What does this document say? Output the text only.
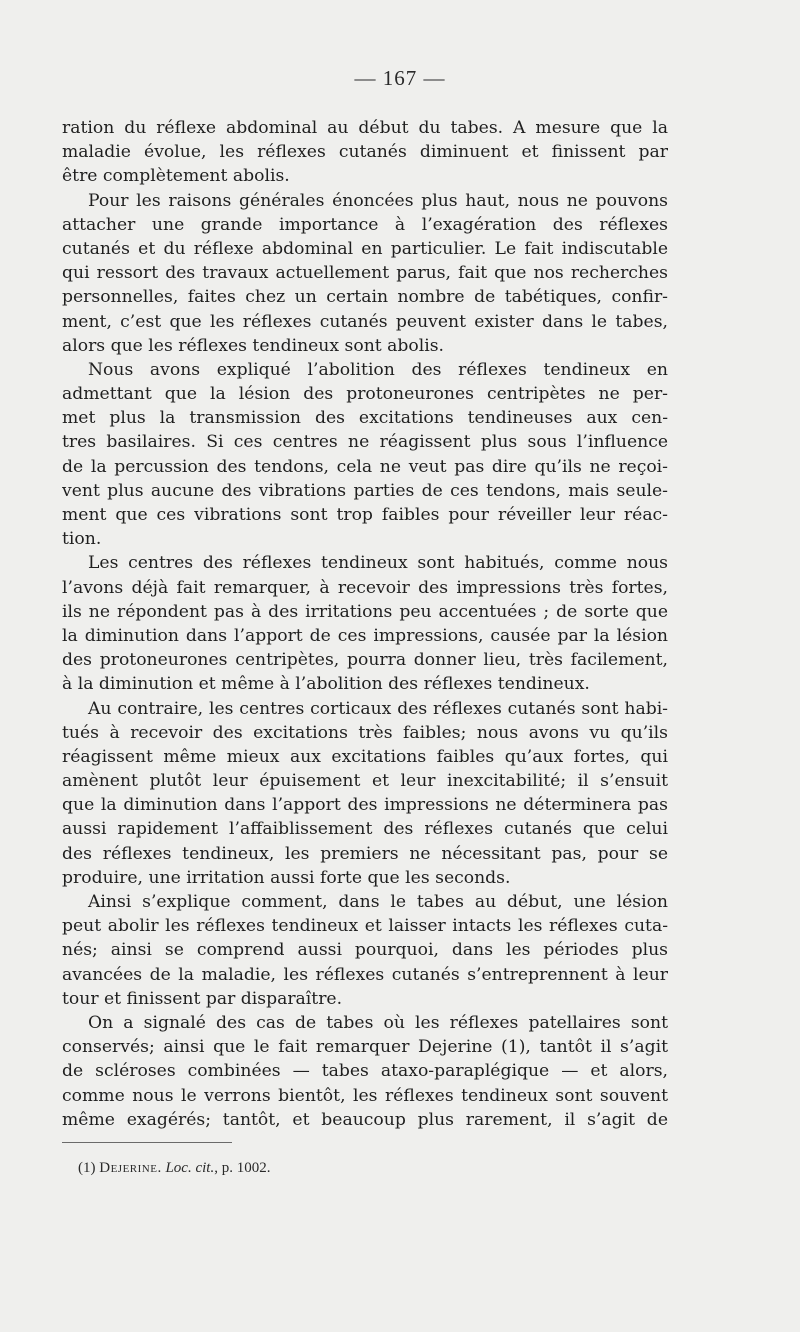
— 167 —
ration du réflexe abdominal au début du tabes. A mesure que la
maladie évolue, les réflexes cutanés diminuent et finissent par
être complètement abolis.
Pour les raisons générales énoncées plus haut, nous ne pouvons
attacher une grande importance à l’exagération des réflexes
cutanés et du réflexe abdominal en particulier. Le fait indiscutable
qui ressort des travaux actuellement parus, fait que nos recherches
personnelles, faites chez un certain nombre de tabétiques, confir-
ment, c’est que les réflexes cutanés peuvent exister dans le tabes,
alors que les réflexes tendineux sont abolis.
Nous avons expliqué l’abolition des réflexes tendineux en
admettant que la lésion des protoneurones centripètes ne per-
met plus la transmission des excitations tendineuses aux cen-
tres basilaires. Si ces centres ne réagissent plus sous l’influence
de la percussion des tendons, cela ne veut pas dire qu’ils ne reçoi-
vent plus aucune des vibrations parties de ces tendons, mais seule-
ment que ces vibrations sont trop faibles pour réveiller leur réac-
tion.
Les centres des réflexes tendineux sont habitués, comme nous
l’avons déjà fait remarquer, à recevoir des impressions très fortes,
ils ne répondent pas à des irritations peu accentuées ; de sorte que
la diminution dans l’apport de ces impressions, causée par la lésion
des protoneurones centripètes, pourra donner lieu, très facilement,
à la diminution et même à l’abolition des réflexes tendineux.
Au contraire, les centres corticaux des réflexes cutanés sont habi-
tués à recevoir des excitations très faibles; nous avons vu qu’ils
réagissent même mieux aux excitations faibles qu’aux fortes, qui
amènent plutôt leur épuisement et leur inexcitabilité; il s’ensuit
que la diminution dans l’apport des impressions ne déterminera pas
aussi rapidement l’affaiblissement des réflexes cutanés que celui
des réflexes tendineux, les premiers ne nécessitant pas, pour se
produire, une irritation aussi forte que les seconds.
Ainsi s’explique comment, dans le tabes au début, une lésion
peut abolir les réflexes tendineux et laisser intacts les réflexes cuta-
nés; ainsi se comprend aussi pourquoi, dans les périodes plus
avancées de la maladie, les réflexes cutanés s’entreprennent à leur
tour et finissent par disparaître.
On a signalé des cas de tabes où les réflexes patellaires sont
conservés; ainsi que le fait remarquer Dejerine (1), tantôt il s’agit
de scléroses combinées — tabes ataxo-paraplégique — et alors,
comme nous le verrons bientôt, les réflexes tendineux sont souvent
même exagérés; tantôt, et beaucoup plus rarement, il s’agit de
(1) Dejerine. Loc. cit., p. 1002.
